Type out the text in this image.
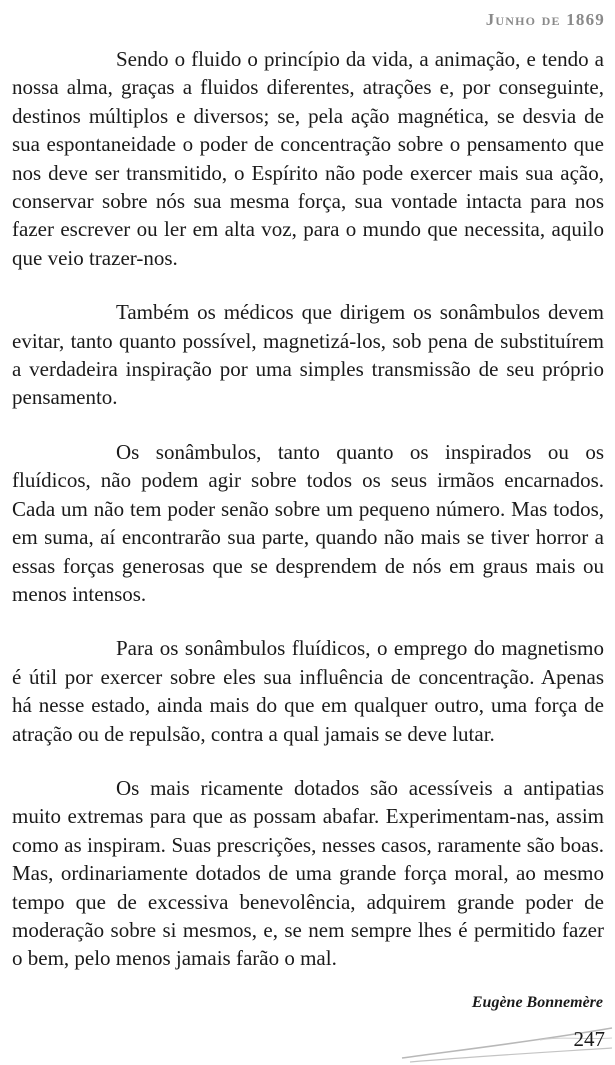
Junho de 1869

Sendo o fluido o princípio da vida, a animação, e tendo a nossa alma, graças a fluidos diferentes, atrações e, por conseguinte, destinos múltiplos e diversos; se, pela ação magnética, se desvia de sua espontaneidade o poder de concentração sobre o pensamento que nos deve ser transmitido, o Espírito não pode exercer mais sua ação, conservar sobre nós sua mesma força, sua vontade intacta para nos fazer escrever ou ler em alta voz, para o mundo que necessita, aquilo que veio trazer-nos.

Também os médicos que dirigem os sonâmbulos devem evitar, tanto quanto possível, magnetizá-los, sob pena de substituírem a verdadeira inspiração por uma simples transmissão de seu próprio pensamento.

Os sonâmbulos, tanto quanto os inspirados ou os fluídicos, não podem agir sobre todos os seus irmãos encarnados. Cada um não tem poder senão sobre um pequeno número. Mas todos, em suma, aí encontrarão sua parte, quando não mais se tiver horror a essas forças generosas que se desprendem de nós em graus mais ou menos intensos.

Para os sonâmbulos fluídicos, o emprego do magnetismo é útil por exercer sobre eles sua influência de concentração. Apenas há nesse estado, ainda mais do que em qualquer outro, uma força de atração ou de repulsão, contra a qual jamais se deve lutar.

Os mais ricamente dotados são acessíveis a antipatias muito extremas para que as possam abafar. Experimentam-nas, assim como as inspiram. Suas prescrições, nesses casos, raramente são boas. Mas, ordinariamente dotados de uma grande força moral, ao mesmo tempo que de excessiva benevolência, adquirem grande poder de moderação sobre si mesmos, e, se nem sempre lhes é permitido fazer o bem, pelo menos jamais farão o mal.

Eugène Bonnemère
247
